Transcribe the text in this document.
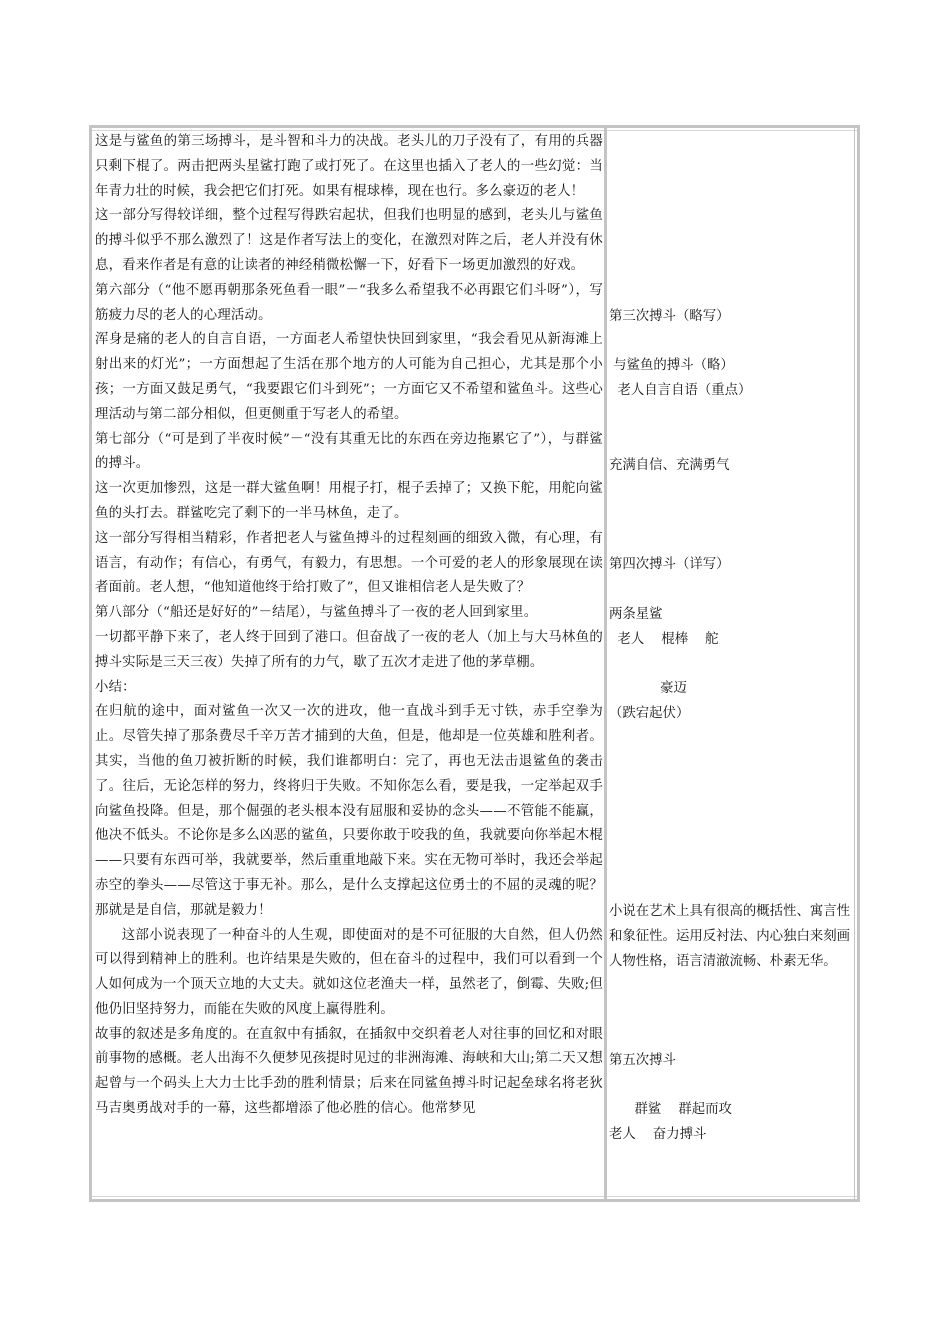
这是与鲨鱼的第三场搏斗，是斗智和斗力的决战。老头儿的刀子没有了，有用的兵器只剩下棍了。两击把两头星鲨打跑了或打死了。在这里也插入了老人的一些幻觉：当年青力壮的时候，我会把它们打死。如果有棍球棒，现在也行。多么豪迈的老人！

这一部分写得较详细，整个过程写得跌宕起状，但我们也明显的感到，老头儿与鲨鱼的搏斗似乎不那么激烈了！这是作者写法上的变化，在激烈对阵之后，老人并没有休息，看来作者是有意的让读者的神经稍微松懈一下，好看下一场更加激烈的好戏。

第六部分（“他不愿再朝那条死鱼看一眼”－“我多么希望我不必再跟它们斗呀”），写筋疲力尽的老人的心理活动。

浑身是痛的老人的自言自语，一方面老人希望快快回到家里，“我会看见从新海滩上射出来的灯光”；一方面想起了生活在那个地方的人可能为自己担心，尤其是那个小孩；一方面又鼓足勇气，“我要跟它们斗到死”；一方面它又不希望和鲨鱼斗。这些心理活动与第二部分相似，但更侧重于写老人的希望。

第七部分（“可是到了半夜时候”－“没有其重无比的东西在旁边拖累它了”），与群鲨的搏斗。

这一次更加惨烈，这是一群大鲨鱼啊！用棍子打，棍子丢掉了；又换下舵，用舵向鲨鱼的头打去。群鲨吃完了剩下的一半马林鱼，走了。

这一部分写得相当精彩，作者把老人与鲨鱼搏斗的过程刻画的细致入微，有心理，有语言，有动作；有信心，有勇气，有毅力，有思想。一个可爱的老人的形象展现在读者面前。老人想，“他知道他终于给打败了”，但又谁相信老人是失败了？

第八部分（“船还是好好的”－结尾），与鲨鱼搏斗了一夜的老人回到家里。

一切都平静下来了，老人终于回到了港口。但奋战了一夜的老人（加上与大马林鱼的搏斗实际是三天三夜）失掉了所有的力气，歇了五次才走进了他的茅草棚。

小结：

在归航的途中，面对鲨鱼一次又一次的进攻，他一直战斗到手无寸铁，赤手空拳为止。尽管失掉了那条费尽千辛万苦才捕到的大鱼，但是，他却是一位英雄和胜利者。其实，当他的鱼刀被折断的时候，我们谁都明白：完了，再也无法击退鲨鱼的袭击了。往后，无论怎样的努力，终将归于失败。不知你怎么看，要是我，一定举起双手向鲨鱼投降。但是，那个倔强的老头根本没有屈服和妥协的念头——不管能不能赢，他决不低头。不论你是多么凶恶的鲨鱼，只要你敢于咬我的鱼，我就要向你举起木棍——只要有东西可举，我就要举，然后重重地敲下来。实在无物可举时，我还会举起赤空的拳头——尽管这于事无补。那么，是什么支撑起这位勇士的不屈的灵魂的呢？那就是是自信，那就是毅力！

这部小说表现了一种奋斗的人生观，即使面对的是不可征服的大自然，但人仍然可以得到精神上的胜利。也许结果是失败的，但在奋斗的过程中，我们可以看到一个人如何成为一个顶天立地的大丈夫。就如这位老渔夫一样，虽然老了，倒霉、失败;但他仍旧坚持努力，而能在失败的风度上赢得胜利。

故事的叙述是多角度的。在直叙中有插叙，在插叙中交织着老人对往事的回忆和对眼前事物的感概。老人出海不久便梦见孩提时见过的非洲海滩、海峡和大山;第二天又想起曾与一个码头上大力士比手劲的胜利情景；后来在同鲨鱼搏斗时记起垒球名将老狄马吉奥勇战对手的一幕，这些都增添了他必胜的信心。他常梦见

第三次搏斗（略写）

与鲨鱼的搏斗（略）

老人自言自语（重点）

充满自信、充满勇气

第四次搏斗（详写）

两条星鲨

老人    棍棒    舵

豪迈

（跌宕起伏）

小说在艺术上具有很高的概括性、寓言性和象征性。运用反衬法、内心独白来刻画人物性格，语言清澈流畅、朴素无华。

第五次搏斗

群鲨    群起而攻

老人    奋力搏斗
